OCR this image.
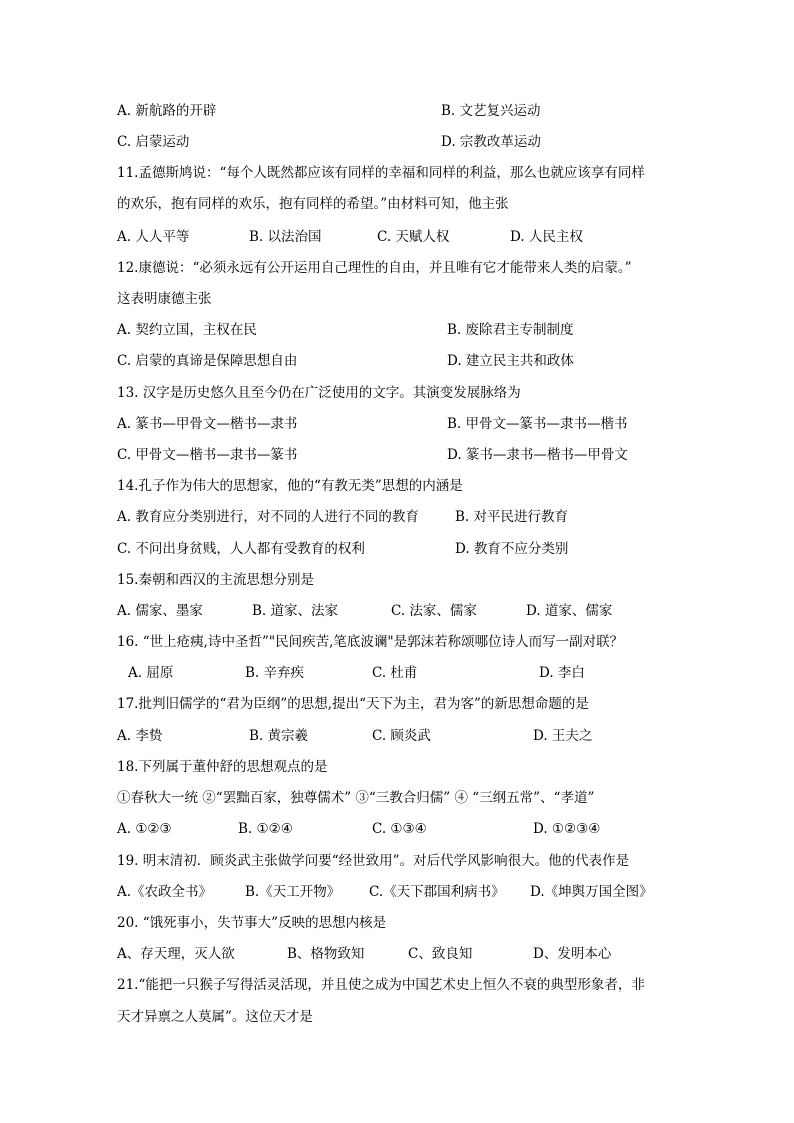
A. 新航路的开辟	B. 文艺复兴运动
C. 启蒙运动	D. 宗教改革运动
11.孟德斯鸠说：“每个人既然都应该有同样的幸福和同样的利益，那么也就应该享有同样
的欢乐，抱有同样的欢乐，抱有同样的希望。”由材料可知，他主张
A. 人人平等	B. 以法治国	C. 天赋人权	D. 人民主权
12.康德说：“必须永远有公开运用自己理性的自由，并且唯有它才能带来人类的启蒙。”
这表明康德主张
A. 契约立国，主权在民	B. 废除君主专制制度
C. 启蒙的真谛是保障思想自由	D. 建立民主共和政体
13. 汉字是历史悠久且至今仍在广泛使用的文字。其演变发展脉络为
A. 篆书—甲骨文—楷书—隶书	B. 甲骨文—篆书—隶书—楷书
C. 甲骨文—楷书—隶书—篆书	D. 篆书—隶书—楷书—甲骨文
14.孔子作为伟大的思想家，他的“有教无类”思想的内涵是
A. 教育应分类别进行，对不同的人进行不同的教育	B. 对平民进行教育
C. 不问出身贫贱，人人都有受教育的权利	D. 教育不应分类别
15.秦朝和西汉的主流思想分别是
A. 儒家、墨家	B. 道家、法家	C. 法家、儒家	D. 道家、儒家
16. “世上疮痍,诗中圣哲”"民间疾苦,笔底波谰"是郭沫若称颂哪位诗人而写一副对联？
A. 屈原	B. 辛弃疾	C. 杜甫	D. 李白
17.批判旧儒学的“君为臣纲”的思想,提出“天下为主，君为客”的新思想命题的是
A. 李贽	B. 黄宗羲	C. 顾炎武	D. 王夫之
18.下列属于董仲舒的思想观点的是
①春秋大一统 ②“罢黜百家，独尊儒术” ③“三教合归儒” ④ “三纲五常”、“孝道”
A. ①②③	B. ①②④	C. ①③④	D. ①②③④
19. 明末清初．顾炎武主张做学问要“经世致用”。对后代学风影响很大。他的代表作是
A.《农政全书》 B.《天工开物》 C.《天下郡国利病书》 D.《坤舆万国全图》
20. “饿死事小，失节事大”反映的思想内核是
A、存天理，灭人欲	B、格物致知	C、致良知	D、发明本心
21.“能把一只猴子写得活灵活现，并且使之成为中国艺术史上恒久不衰的典型形象者，非
天才异禀之人莫属”。这位天才是
